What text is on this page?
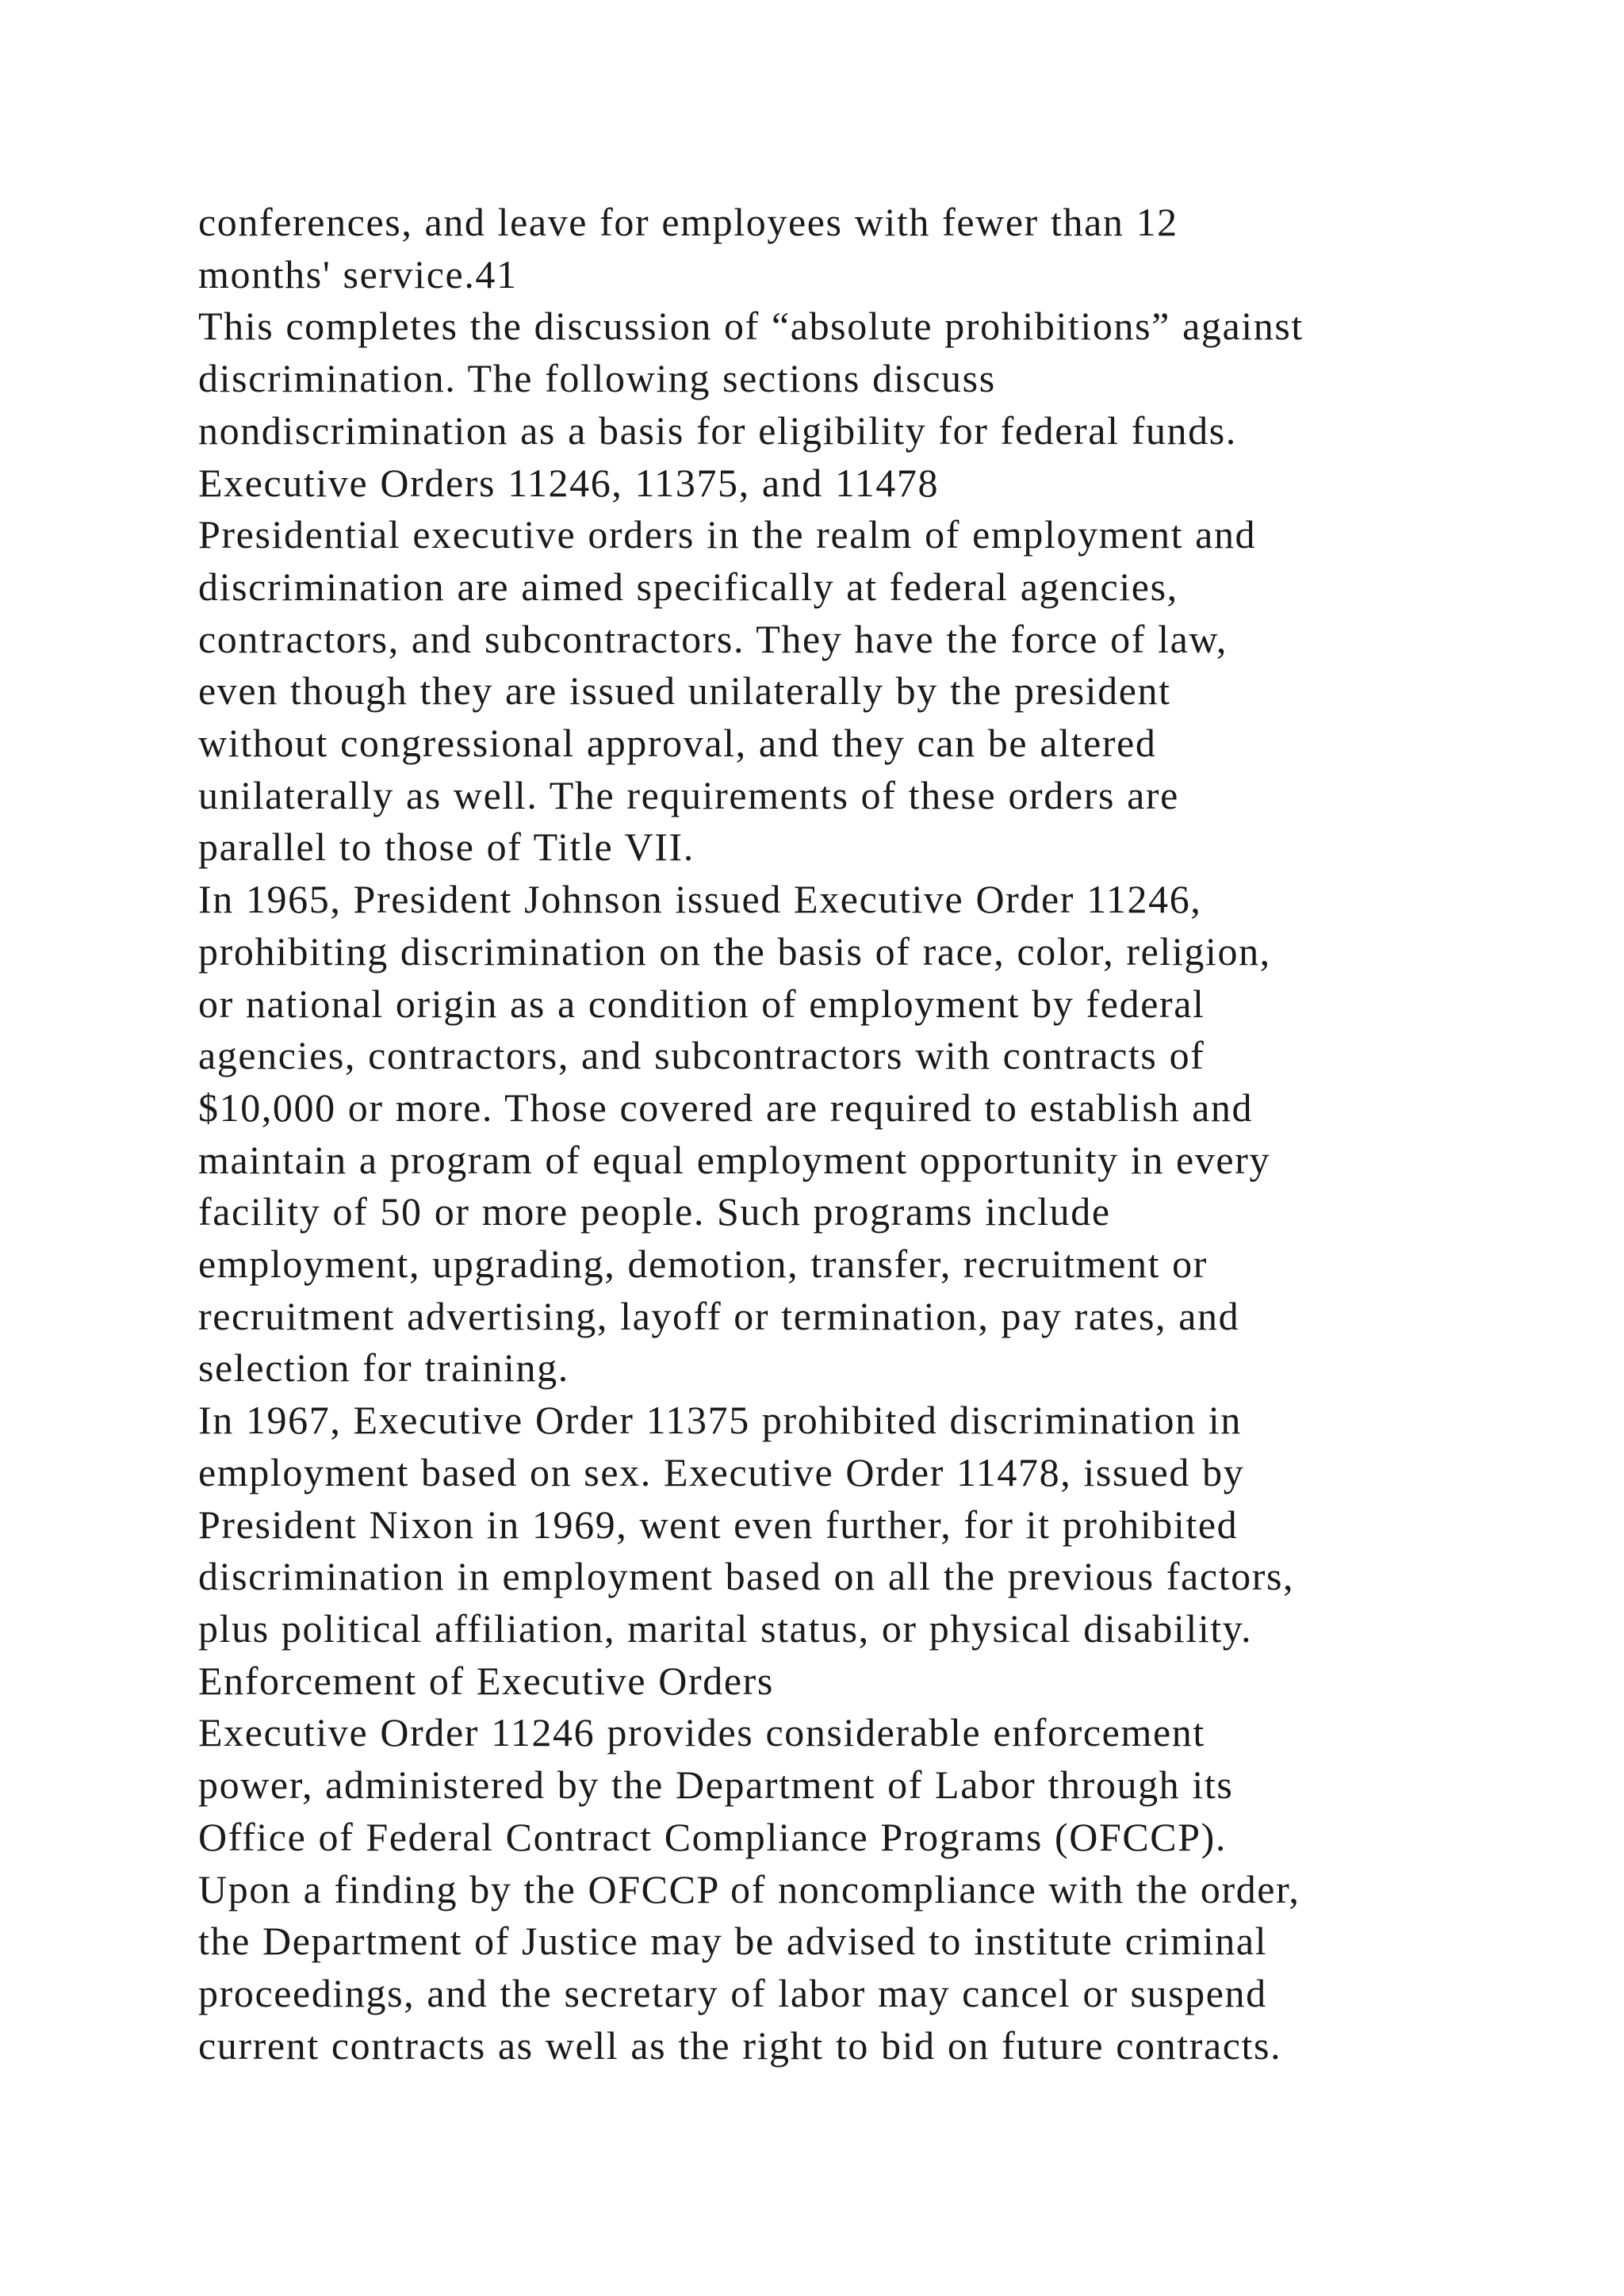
conferences, and leave for employees with fewer than 12
months' service.41
This completes the discussion of “absolute prohibitions” against
discrimination. The following sections discuss
nondiscrimination as a basis for eligibility for federal funds.
Executive Orders 11246, 11375, and 11478
Presidential executive orders in the realm of employment and
discrimination are aimed specifically at federal agencies,
contractors, and subcontractors. They have the force of law,
even though they are issued unilaterally by the president
without congressional approval, and they can be altered
unilaterally as well. The requirements of these orders are
parallel to those of Title VII.
In 1965, President Johnson issued Executive Order 11246,
prohibiting discrimination on the basis of race, color, religion,
or national origin as a condition of employment by federal
agencies, contractors, and subcontractors with contracts of
$10,000 or more. Those covered are required to establish and
maintain a program of equal employment opportunity in every
facility of 50 or more people. Such programs include
employment, upgrading, demotion, transfer, recruitment or
recruitment advertising, layoff or termination, pay rates, and
selection for training.
In 1967, Executive Order 11375 prohibited discrimination in
employment based on sex. Executive Order 11478, issued by
President Nixon in 1969, went even further, for it prohibited
discrimination in employment based on all the previous factors,
plus political affiliation, marital status, or physical disability.
Enforcement of Executive Orders
Executive Order 11246 provides considerable enforcement
power, administered by the Department of Labor through its
Office of Federal Contract Compliance Programs (OFCCP).
Upon a finding by the OFCCP of noncompliance with the order,
the Department of Justice may be advised to institute criminal
proceedings, and the secretary of labor may cancel or suspend
current contracts as well as the right to bid on future contracts.
